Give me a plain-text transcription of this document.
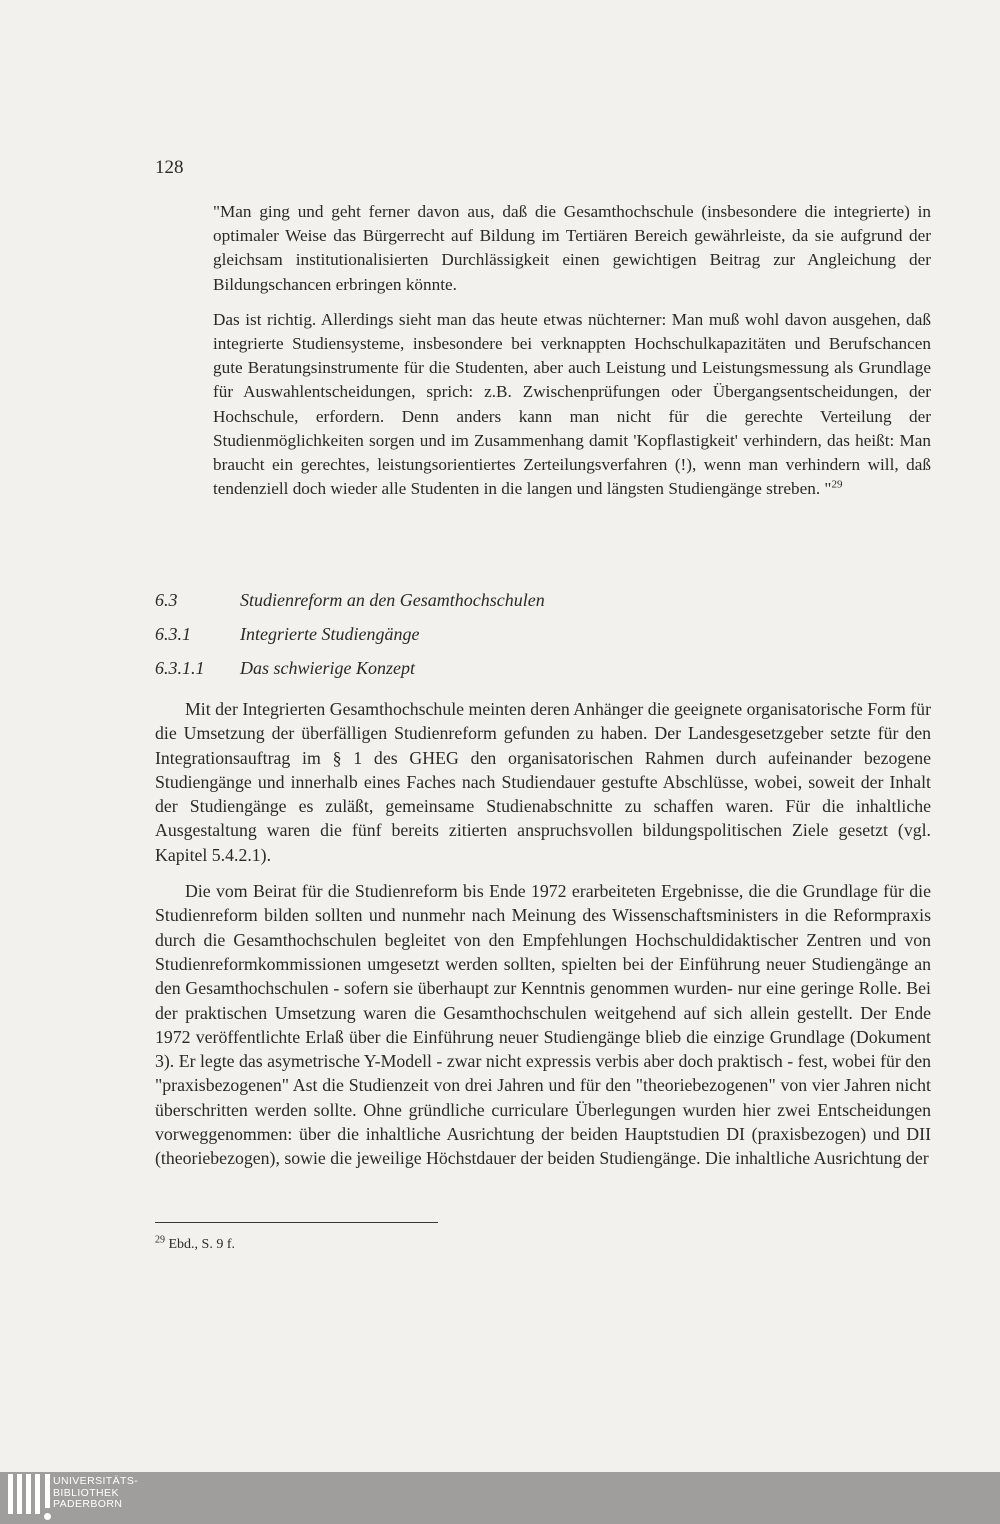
128

"Man ging und geht ferner davon aus, daß die Gesamthochschule (insbesondere die integrierte) in optimaler Weise das Bürgerrecht auf Bildung im Tertiären Bereich gewährleiste, da sie aufgrund der gleichsam institutionalisierten Durchlässigkeit einen gewichtigen Beitrag zur Angleichung der Bildungschancen erbringen könnte.

Das ist richtig. Allerdings sieht man das heute etwas nüchterner: Man muß wohl davon ausgehen, daß integrierte Studiensysteme, insbesondere bei verknappten Hochschulkapazitäten und Berufschancen gute Beratungsinstrumente für die Studenten, aber auch Leistung und Leistungsmessung als Grundlage für Auswahlentscheidungen, sprich: z.B. Zwischenprüfungen oder Übergangsentscheidungen, der Hochschule, erfordern. Denn anders kann man nicht für die gerechte Verteilung der Studienmöglichkeiten sorgen und im Zusammenhang damit 'Kopflastigkeit' verhindern, das heißt: Man braucht ein gerechtes, leistungsorientiertes Zerteilungsverfahren (!), wenn man verhindern will, daß tendenziell doch wieder alle Studenten in die langen und längsten Studiengänge streben. "$^{29}$

6.3	Studienreform an den Gesamthochschulen
6.3.1	Integrierte Studiengänge
6.3.1.1 Das schwierige Konzept

Mit der Integrierten Gesamthochschule meinten deren Anhänger die geeignete organisatorische Form für die Umsetzung der überfälligen Studienreform gefunden zu haben. Der Landesgesetzgeber setzte für den Integrationsauftrag im § 1 des GHEG den organisatorischen Rahmen durch aufeinander bezogene Studiengänge und innerhalb eines Faches nach Studiendauer gestufte Abschlüsse, wobei, soweit der Inhalt der Studiengänge es zuläßt, gemeinsame Studienabschnitte zu schaffen waren. Für die inhaltliche Ausgestaltung waren die fünf bereits zitierten anspruchsvollen bildungspolitischen Ziele gesetzt (vgl. Kapitel 5.4.2.1).

Die vom Beirat für die Studienreform bis Ende 1972 erarbeiteten Ergebnisse, die die Grundlage für die Studienreform bilden sollten und nunmehr nach Meinung des Wissenschaftsministers in die Reformpraxis durch die Gesamthochschulen begleitet von den Empfehlungen Hochschuldidaktischer Zentren und von Studienreformkommissionen umgesetzt werden sollten, spielten bei der Einführung neuer Studiengänge an den Gesamthochschulen - sofern sie überhaupt zur Kenntnis genommen wurden- nur eine geringe Rolle. Bei der praktischen Umsetzung waren die Gesamthochschulen weitgehend auf sich allein gestellt. Der Ende 1972 veröffentlichte Erlaß über die Einführung neuer Studiengänge blieb die einzige Grundlage (Dokument 3). Er legte das asymetrische Y-Modell - zwar nicht expressis verbis aber doch praktisch - fest, wobei für den "praxisbezogenen" Ast die Studienzeit von drei Jahren und für den "theoriebezogenen" von vier Jahren nicht überschritten werden sollte. Ohne gründliche curriculare Überlegungen wurden hier zwei Entscheidungen vorweggenommen: über die inhaltliche Ausrichtung der beiden Hauptstudien DI (praxisbezogen) und DII (theoriebezogen), sowie die jeweilige Höchstdauer der beiden Studiengänge. Die inhaltliche Ausrichtung der

$^{29}$ Ebd., S. 9 f.
UNIVERSITÄTS-
BIBLIOTHEK
PADERBORN
